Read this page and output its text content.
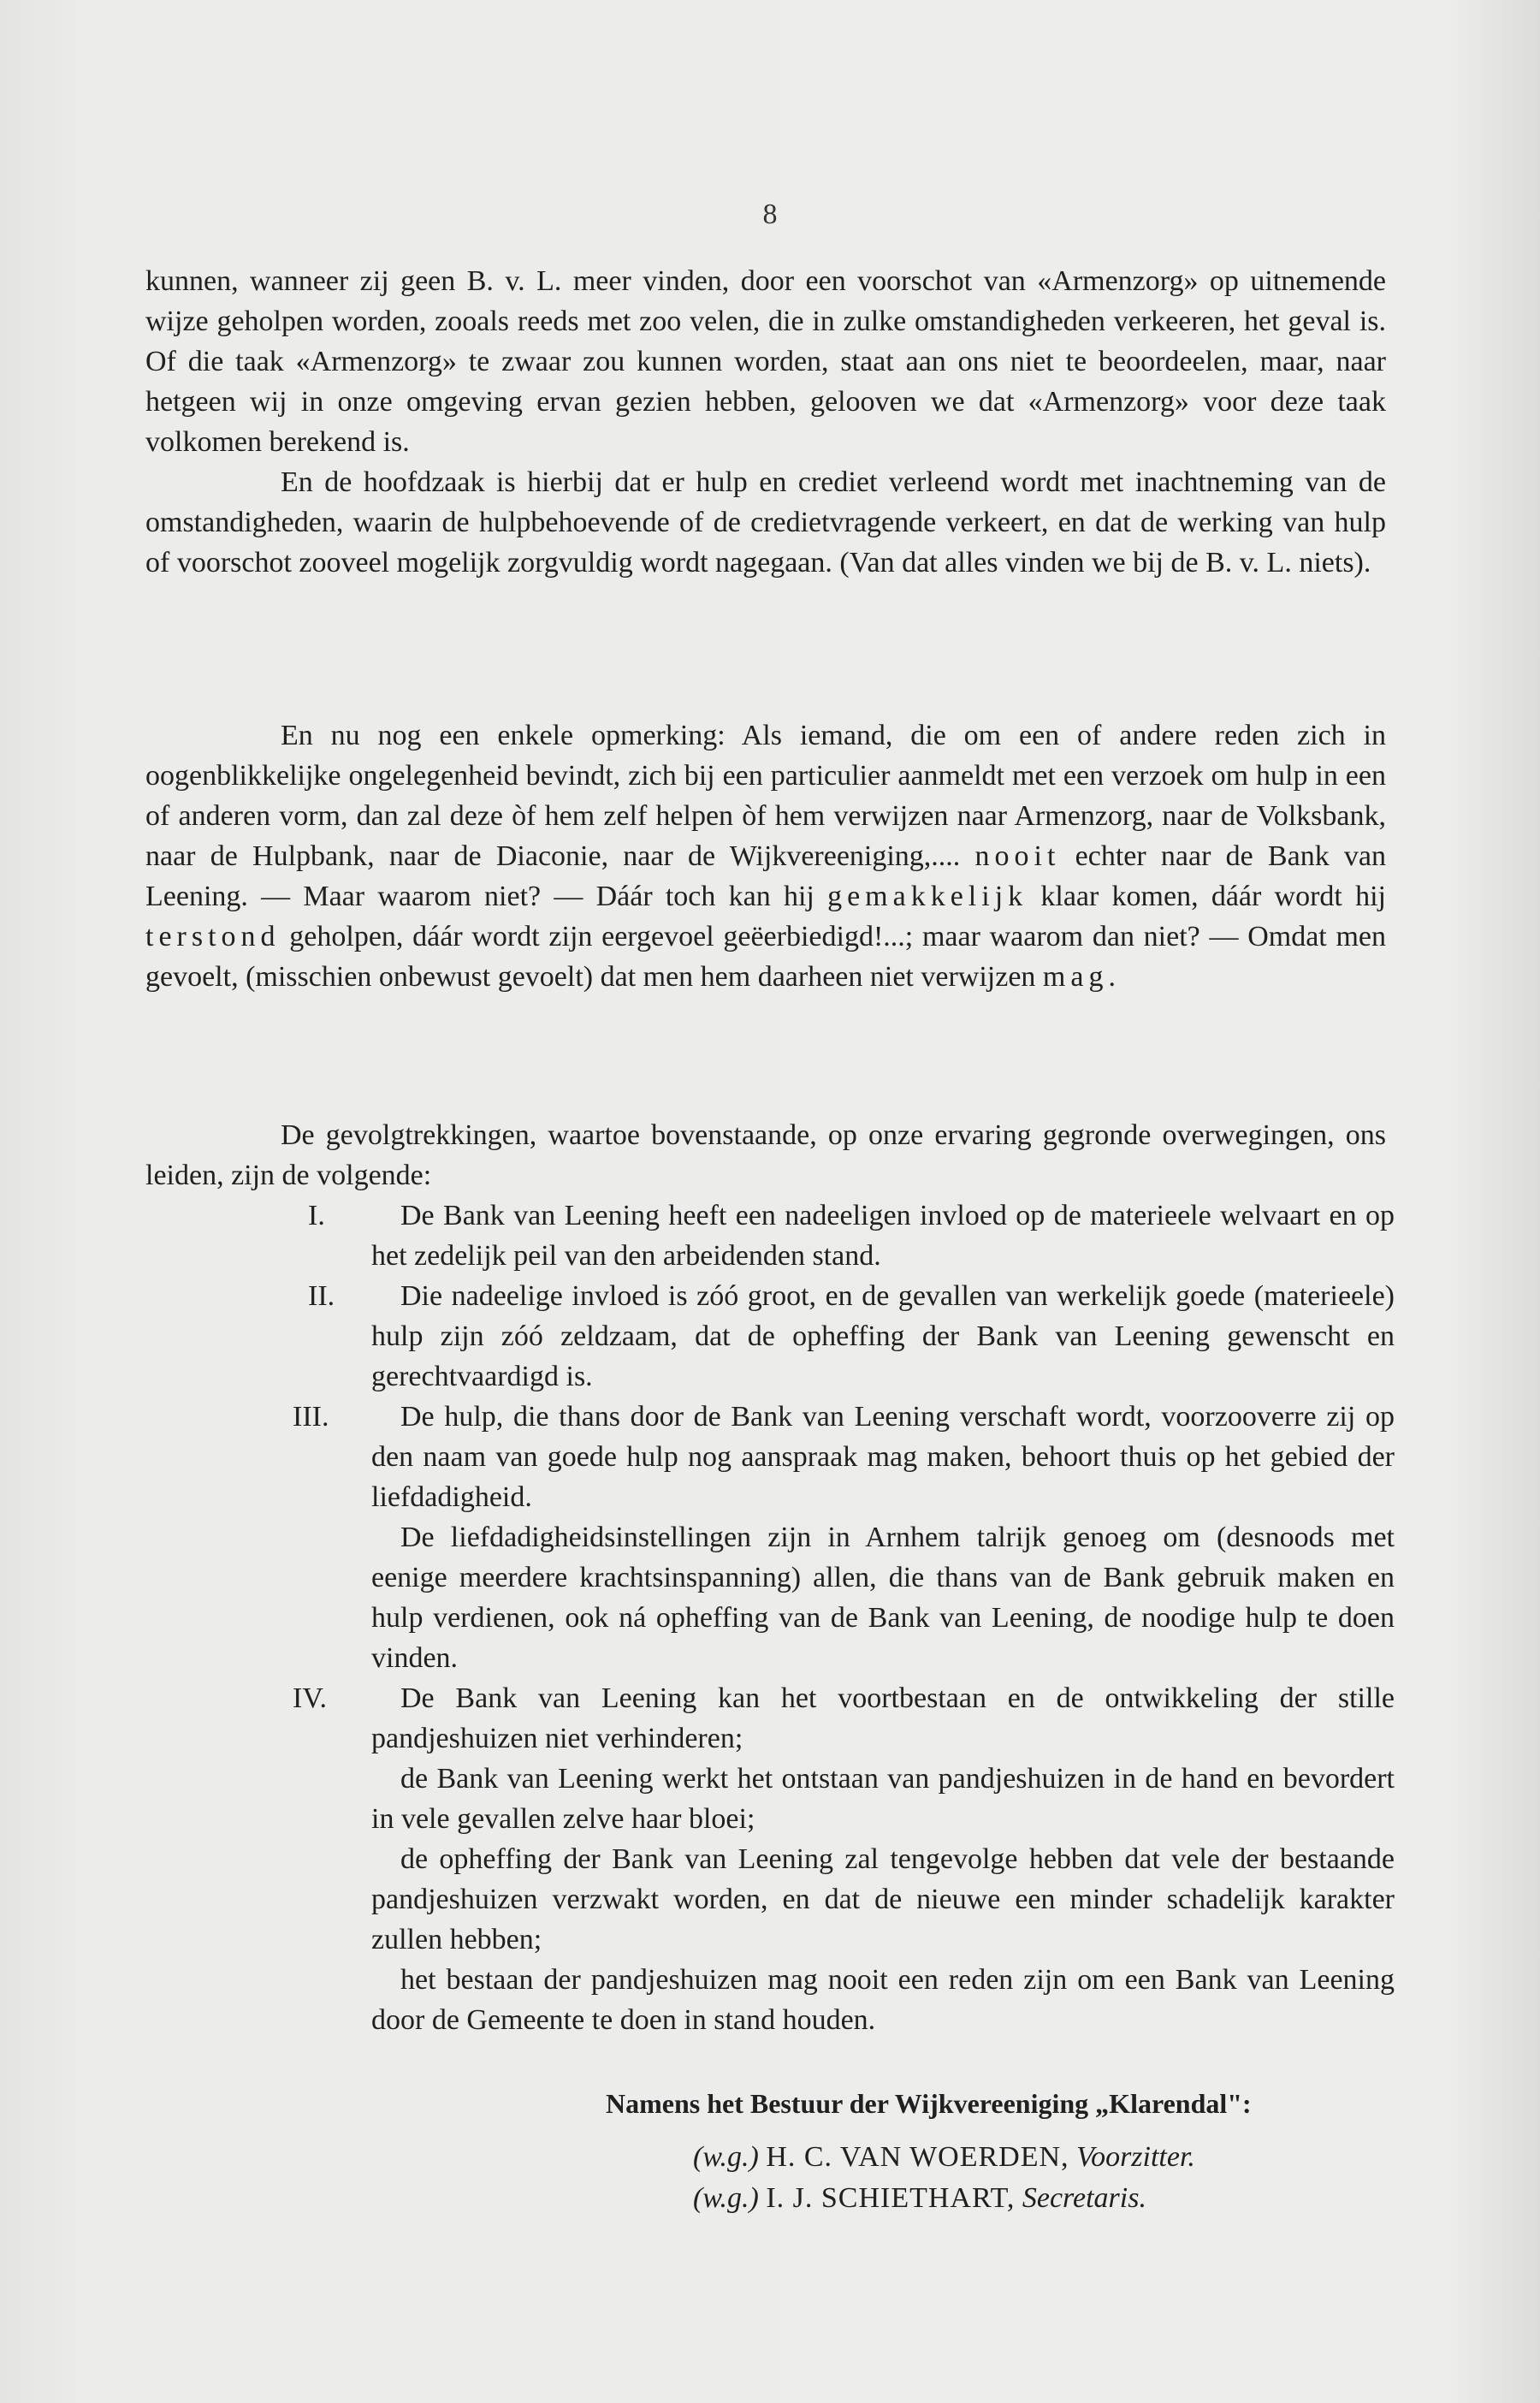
8

kunnen, wanneer zij geen B. v. L. meer vinden, door een voorschot van «Armenzorg» op uitnemende wijze geholpen worden, zooals reeds met zoo velen, die in zulke omstandigheden verkeeren, het geval is. Of die taak «Armenzorg» te zwaar zou kunnen worden, staat aan ons niet te beoordeelen, maar, naar hetgeen wij in onze omgeving ervan gezien hebben, gelooven we dat «Armenzorg» voor deze taak volkomen berekend is.

En de hoofdzaak is hierbij dat er hulp en crediet verleend wordt met inachtneming van de omstandigheden, waarin de hulpbehoevende of de credietvragende verkeert, en dat de werking van hulp of voorschot zooveel mogelijk zorgvuldig wordt nagegaan. (Van dat alles vinden we bij de B. v. L. niets).

En nu nog een enkele opmerking: Als iemand, die om een of andere reden zich in oogenblikkelijke ongelegenheid bevindt, zich bij een particulier aanmeldt met een verzoek om hulp in een of anderen vorm, dan zal deze òf hem zelf helpen òf hem verwijzen naar Armenzorg, naar de Volksbank, naar de Hulpbank, naar de Diaconie, naar de Wijkvereeniging,.... nooit echter naar de Bank van Leening. — Maar waarom niet? — Dáár toch kan hij gemakkelijk klaar komen, dáár wordt hij terstond geholpen, dáár wordt zijn eergevoel geëerbiedigd!...; maar waarom dan niet? — Omdat men gevoelt, (misschien onbewust gevoelt) dat men hem daarheen niet verwijzen mag.

De gevolgtrekkingen, waartoe bovenstaande, op onze ervaring gegronde overwegingen, ons leiden, zijn de volgende:

I.	De Bank van Leening heeft een nadeeligen invloed op de materieele welvaart en op het zedelijk peil van den arbeidenden stand.
II.	Die nadeelige invloed is zóó groot, en de gevallen van werkelijk goede (materieele) hulp zijn zóó zeldzaam, dat de opheffing der Bank van Leening gewenscht en gerechtvaardigd is.
III.	De hulp, die thans door de Bank van Leening verschaft wordt, voorzooverre zij op den naam van goede hulp nog aanspraak mag maken, behoort thuis op het gebied der liefdadigheid.
De liefdadigheidsinstellingen zijn in Arnhem talrijk genoeg om (desnoods met eenige meerdere krachtsinspanning) allen, die thans van de Bank gebruik maken en hulp verdienen, ook ná opheffing van de Bank van Leening, de noodige hulp te doen vinden.
IV.	De Bank van Leening kan het voortbestaan en de ontwikkeling der stille pandjeshuizen niet verhinderen;
de Bank van Leening werkt het ontstaan van pandjeshuizen in de hand en bevordert in vele gevallen zelve haar bloei;
de opheffing der Bank van Leening zal tengevolge hebben dat vele der bestaande pandjeshuizen verzwakt worden, en dat de nieuwe een minder schadelijk karakter zullen hebben;
het bestaan der pandjeshuizen mag nooit een reden zijn om een Bank van Leening door de Gemeente te doen in stand houden.
Namens het Bestuur der Wijkvereeniging „Klarendal":
(w.g.) H. C. VAN WOERDEN, Voorzitter.
(w.g.) I. J. SCHIETHART, Secretaris.
